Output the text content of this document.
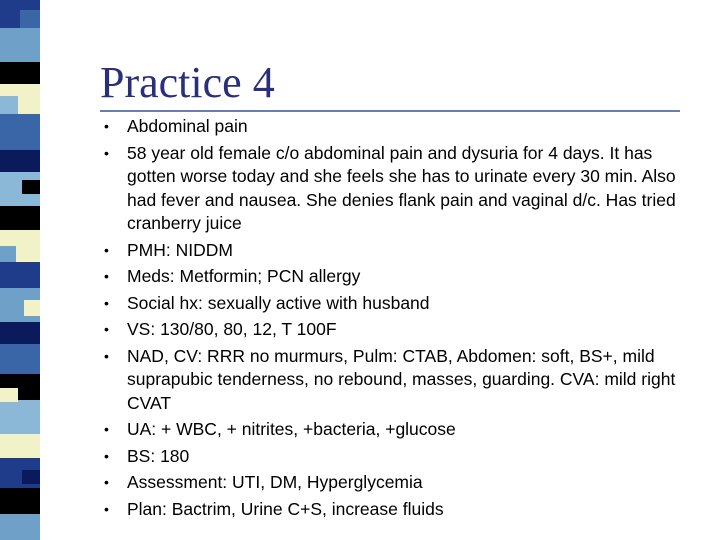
Practice 4
• Abdominal pain
• 58 year old female c/o abdominal pain and dysuria for 4 days. It has gotten worse today and she feels she has to urinate every 30 min. Also had fever and nausea. She denies flank pain and vaginal d/c. Has tried cranberry juice
• PMH: NIDDM
• Meds: Metformin; PCN allergy
• Social hx: sexually active with husband
• VS: 130/80, 80, 12, T 100F
• NAD, CV: RRR no murmurs, Pulm: CTAB, Abdomen: soft, BS+, mild suprapubic tenderness, no rebound, masses, guarding. CVA: mild right CVAT
• UA: + WBC, + nitrites, +bacteria, +glucose
• BS: 180
• Assessment: UTI, DM, Hyperglycemia
• Plan: Bactrim, Urine C+S, increase fluids
